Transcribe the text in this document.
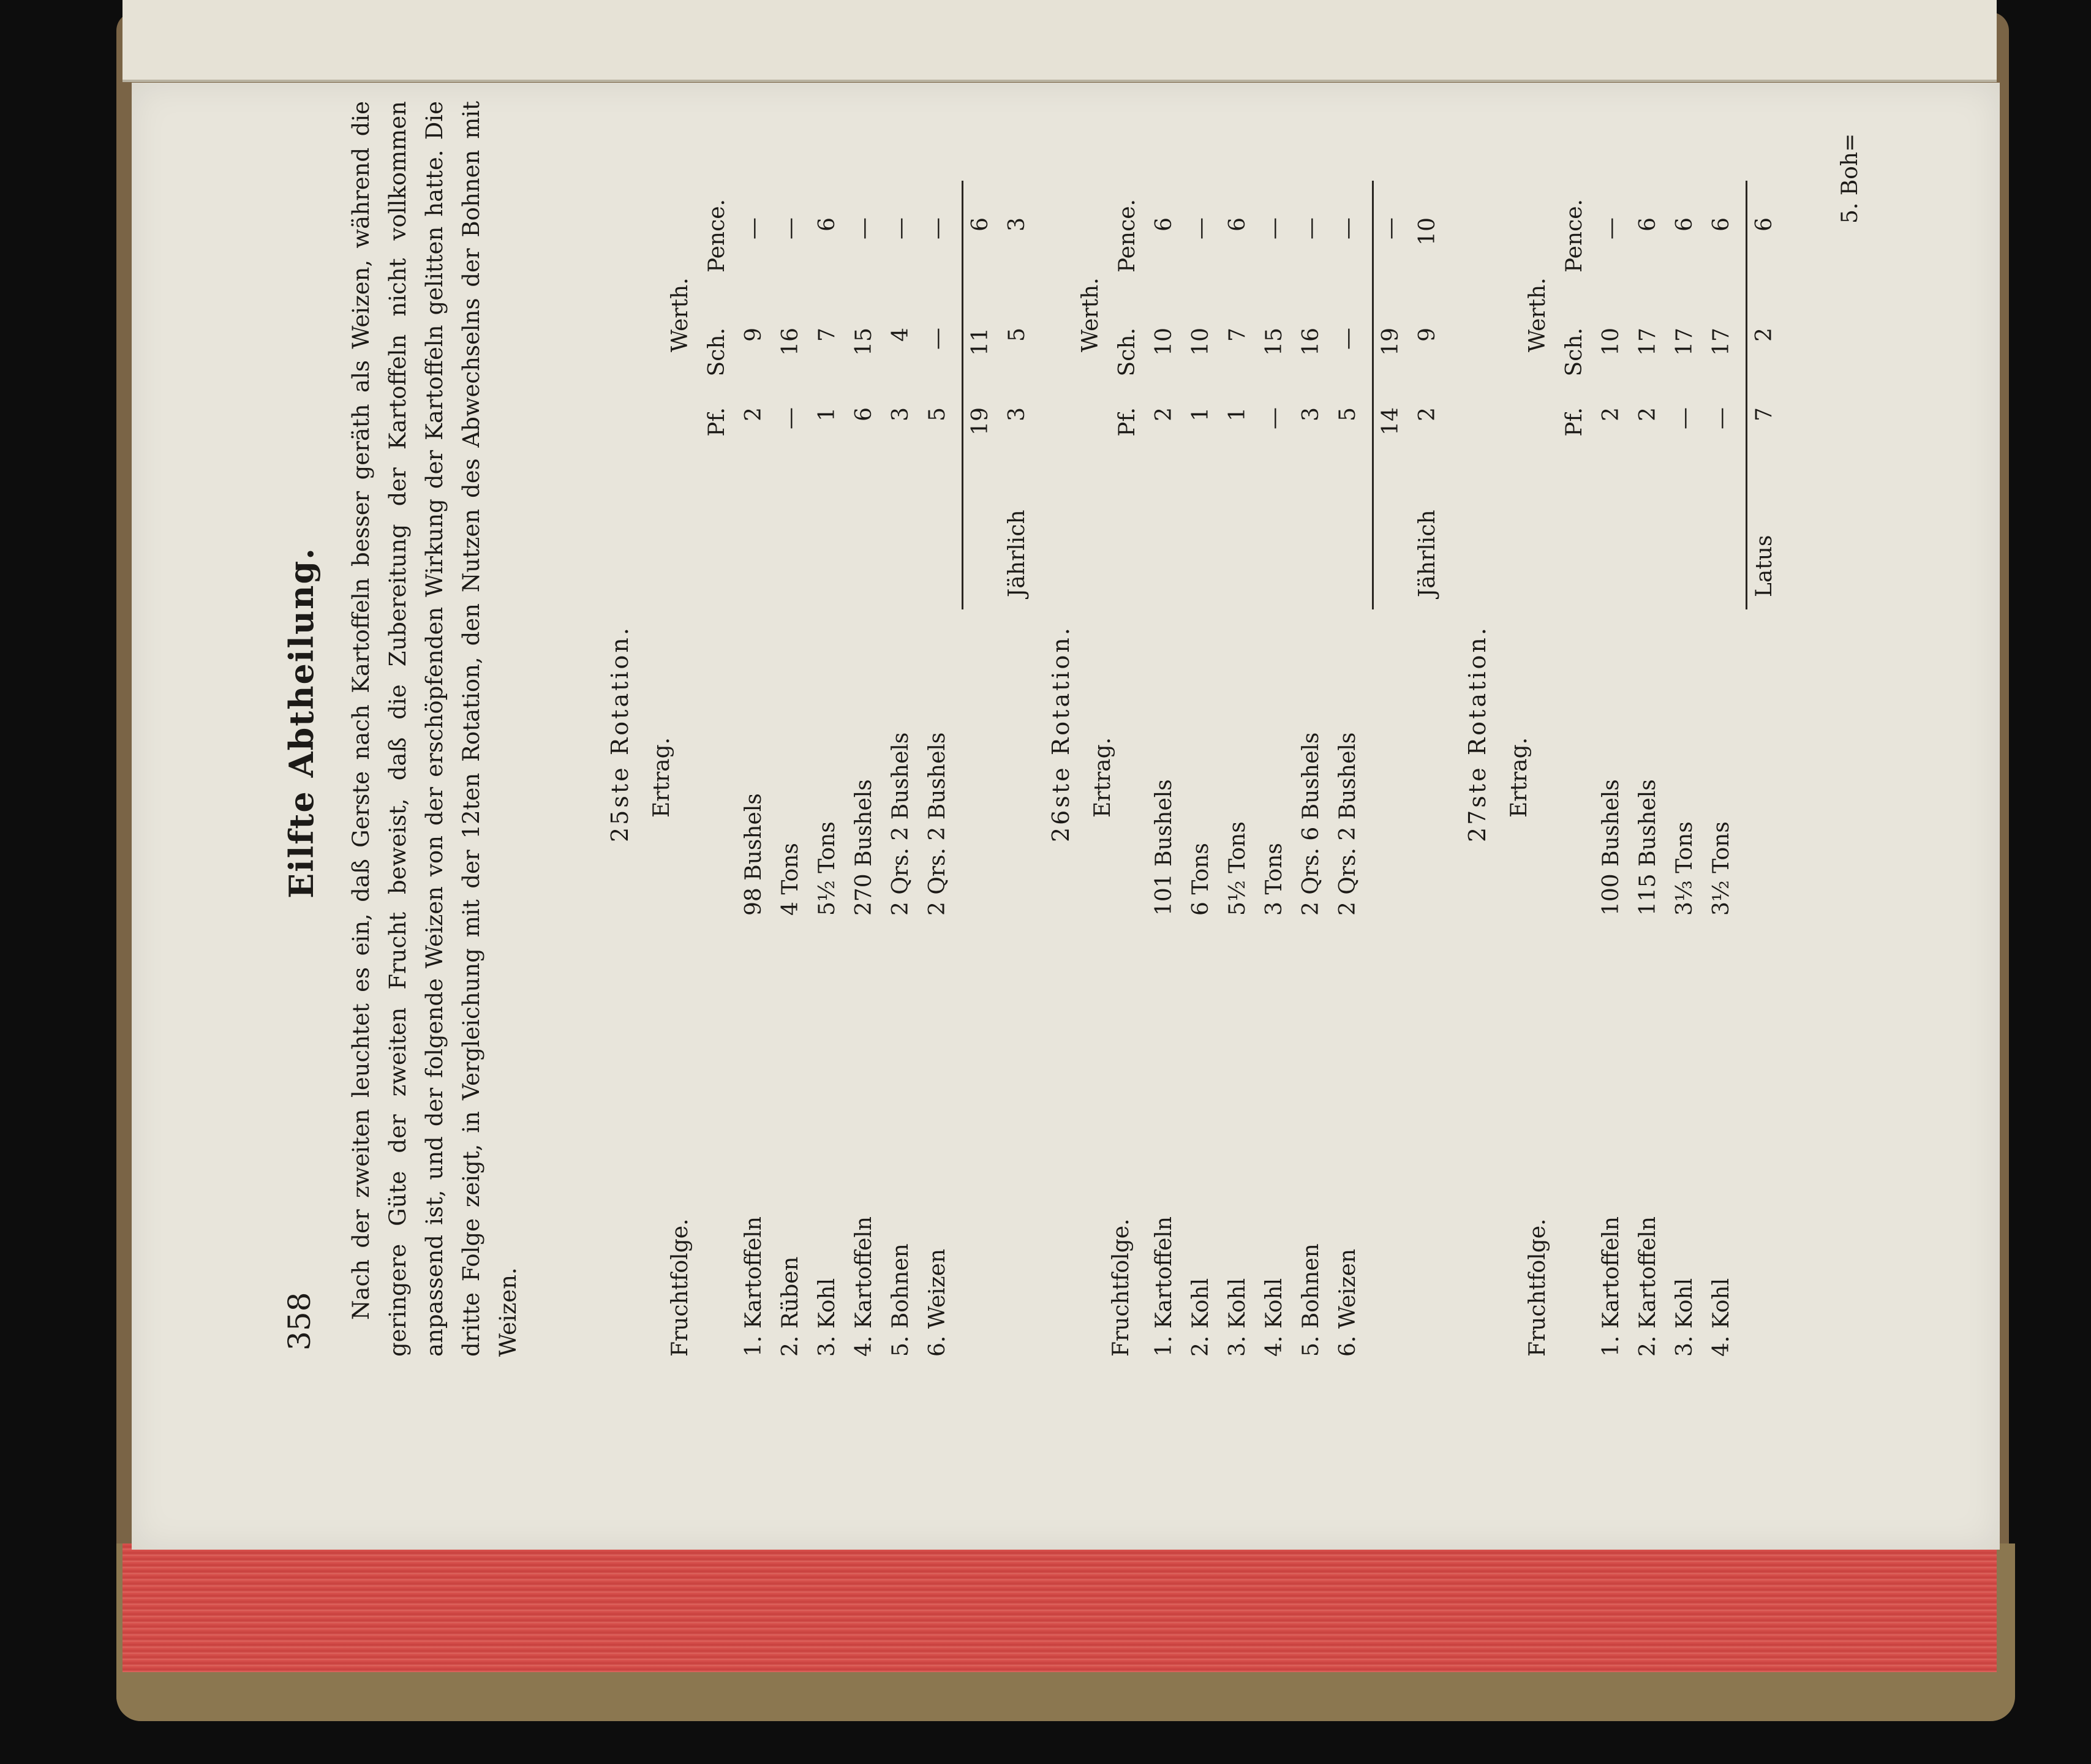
358
Eilfte Abtheilung. Nach der zweiten leuchtet es ein, daß Gerste nach Kartoffeln besser geräth als Weizen, während die geringere Güte der zweiten Frucht beweist, daß die Zubereitung der Kartoffeln nicht vollkommen anpassend ist, und der folgende Weizen von der erschöpfenden Wirkung der Kartoffeln gelitten hatte. Die dritte Folge zeigt, in Vergleichung mit der 12ten Rotation, den Nutzen des Abwechselns der Bohnen mit Weizen.

25ste Rotation.
Fruchtfolge.
Ertrag.
Werth.
Pf.
Sch.
Pence.
1. Kartoffeln
98 Bushels
2
9
—
2. Rüben
4 Tons
—
16
—
3. Kohl
5½ Tons
1
7
6
4. Kartoffeln
270 Bushels
6
15
—
5. Bohnen
2 Qrs. 2 Bushels
3
4
—
6. Weizen
2 Qrs. 2 Bushels
5
—
—
19
11
6
Jährlich
3
5
3
26ste Rotation.
Fruchtfolge.
Ertrag.
Werth.
Pf.
Sch.
Pence.
1. Kartoffeln
101 Bushels
2
10
6
2. Kohl
6 Tons
1
10
—
3. Kohl
5½ Tons
1
7
6
4. Kohl
3 Tons
—
15
—
5. Bohnen
2 Qrs. 6 Bushels
3
16
—
6. Weizen
2 Qrs. 2 Bushels
5
—
—
14
19
—
Jährlich
2
9
10
27ste Rotation.
Fruchtfolge.
Ertrag.
Werth.
Pf.
Sch.
Pence.
1. Kartoffeln
100 Bushels
2
10
—
2. Kartoffeln
115 Bushels
2
17
6
3. Kohl
3⅓ Tons
—
17
6
4. Kohl
3½ Tons
—
17
6
Latus
7
2
6
5. Boh=
